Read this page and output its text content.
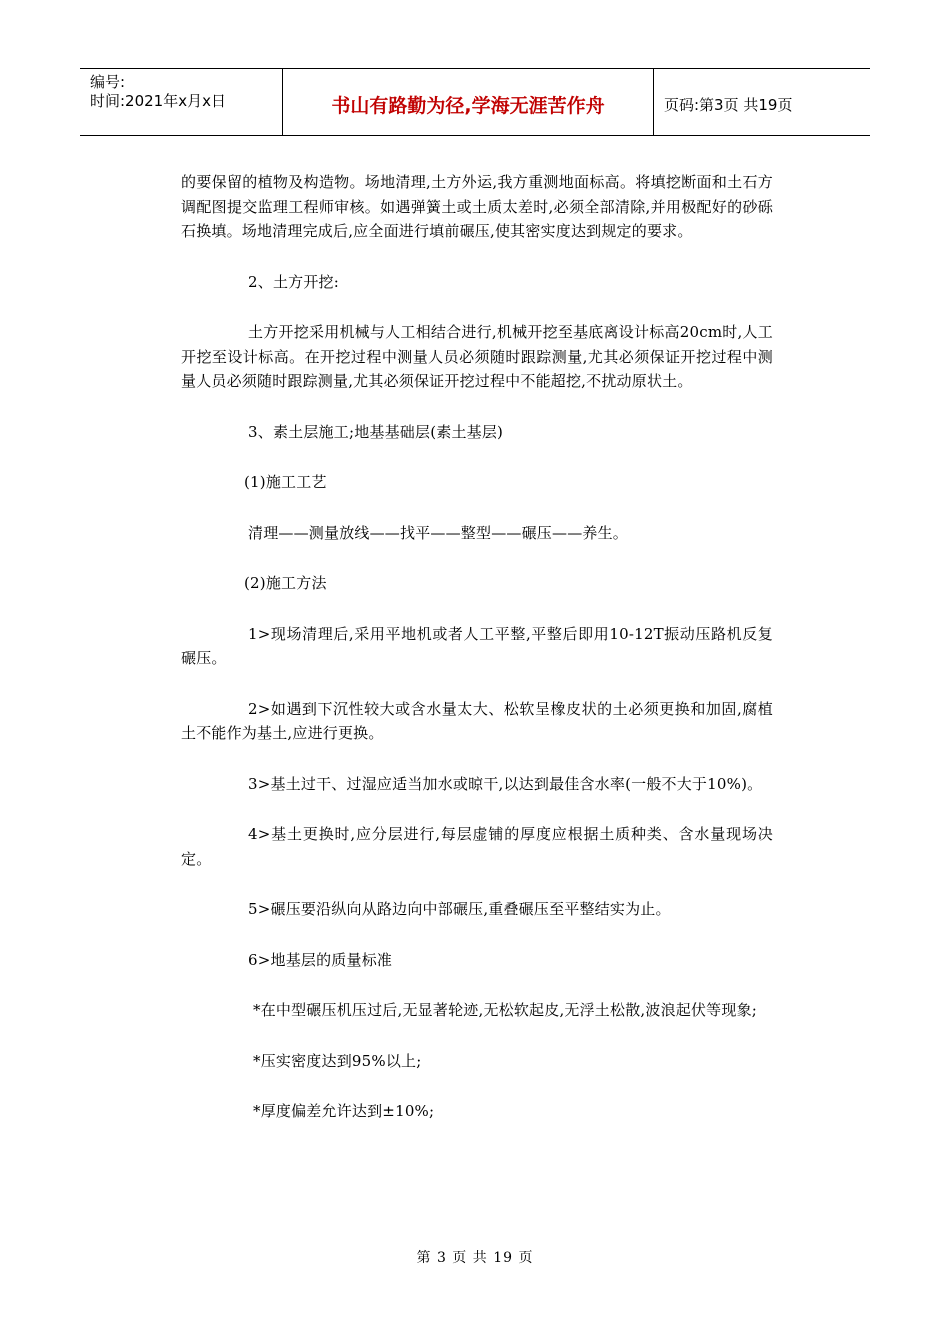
编号:
时间:2021年x月x日	书山有路勤为径,学海无涯苦作舟	页码:第3页 共19页

的要保留的植物及构造物。场地清理,土方外运,我方重测地面标高。将填挖断面和土石方调配图提交监理工程师审核。如遇弹簧土或土质太差时,必须全部清除,并用极配好的砂砾石换填。场地清理完成后,应全面进行填前碾压,使其密实度达到规定的要求。

2、土方开挖:

土方开挖采用机械与人工相结合进行,机械开挖至基底离设计标高20cm时,人工开挖至设计标高。在开挖过程中测量人员必须随时跟踪测量,尤其必须保证开挖过程中测量人员必须随时跟踪测量,尤其必须保证开挖过程中不能超挖,不扰动原状土。

3、素土层施工;地基基础层(素土基层)

(1)施工工艺

清理——测量放线——找平——整型——碾压——养生。

(2)施工方法

1>现场清理后,采用平地机或者人工平整,平整后即用10-12T振动压路机反复碾压。

2>如遇到下沉性较大或含水量太大、松软呈橡皮状的土必须更换和加固,腐植土不能作为基土,应进行更换。

3>基土过干、过湿应适当加水或晾干,以达到最佳含水率(一般不大于10%)。

4>基土更换时,应分层进行,每层虚铺的厚度应根据土质种类、含水量现场决定。

5>碾压要沿纵向从路边向中部碾压,重叠碾压至平整结实为止。

6>地基层的质量标准

*在中型碾压机压过后,无显著轮迹,无松软起皮,无浮土松散,波浪起伏等现象;

*压实密度达到95%以上;

*厚度偏差允许达到±10%;

第 3 页 共 19 页
